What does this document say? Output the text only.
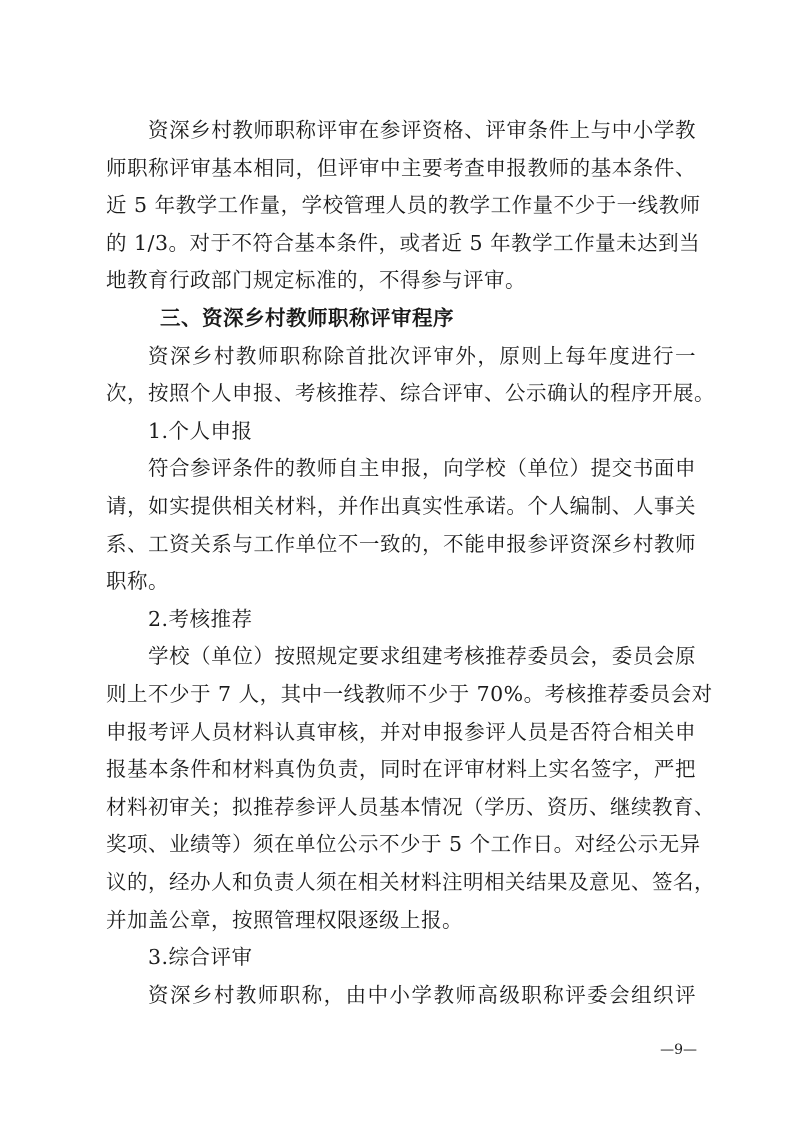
资深乡村教师职称评审在参评资格、评审条件上与中小学教
师职称评审基本相同，但评审中主要考查申报教师的基本条件、
近 5 年教学工作量，学校管理人员的教学工作量不少于一线教师
的 1/3。对于不符合基本条件，或者近 5 年教学工作量未达到当
地教育行政部门规定标准的，不得参与评审。
三、资深乡村教师职称评审程序
资深乡村教师职称除首批次评审外，原则上每年度进行一
次，按照个人申报、考核推荐、综合评审、公示确认的程序开展。
1.个人申报
符合参评条件的教师自主申报，向学校（单位）提交书面申
请，如实提供相关材料，并作出真实性承诺。个人编制、人事关
系、工资关系与工作单位不一致的，不能申报参评资深乡村教师
职称。
2.考核推荐
学校（单位）按照规定要求组建考核推荐委员会，委员会原
则上不少于 7 人，其中一线教师不少于 70%。考核推荐委员会对
申报考评人员材料认真审核，并对申报参评人员是否符合相关申
报基本条件和材料真伪负责，同时在评审材料上实名签字，严把
材料初审关；拟推荐参评人员基本情况（学历、资历、继续教育、
奖项、业绩等）须在单位公示不少于 5 个工作日。对经公示无异
议的，经办人和负责人须在相关材料注明相关结果及意见、签名，
并加盖公章，按照管理权限逐级上报。
3.综合评审
资深乡村教师职称，由中小学教师高级职称评委会组织评
—9—
